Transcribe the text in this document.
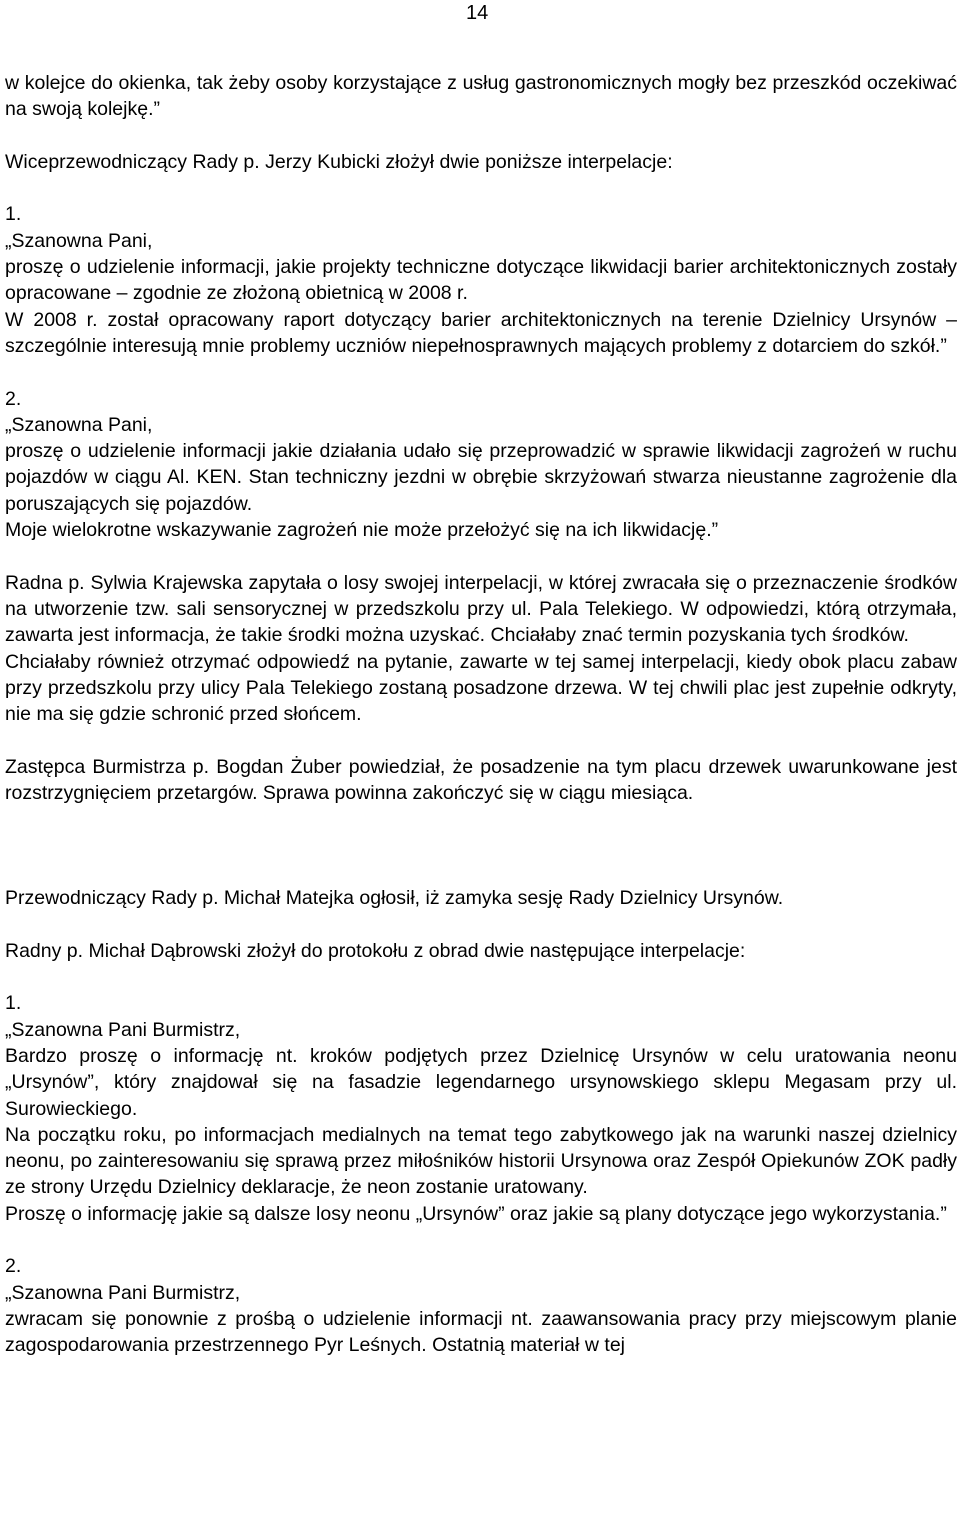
14

w kolejce do okienka, tak żeby osoby korzystające z usług gastronomicznych mogły bez przeszkód oczekiwać na swoją kolejkę.”

Wiceprzewodniczący Rady p. Jerzy Kubicki złożył dwie poniższe interpelacje:

1.

„Szanowna Pani,

proszę o udzielenie informacji, jakie projekty techniczne dotyczące likwidacji barier architektonicznych zostały opracowane – zgodnie ze złożoną obietnicą w 2008 r.

W 2008 r. został opracowany raport dotyczący barier architektonicznych na terenie Dzielnicy Ursynów – szczególnie interesują mnie problemy uczniów niepełnosprawnych mających problemy z dotarciem do szkół.”

2.

„Szanowna Pani,

proszę o udzielenie informacji jakie działania udało się przeprowadzić w sprawie likwidacji zagrożeń w ruchu pojazdów w ciągu Al. KEN. Stan techniczny jezdni w obrębie skrzyżowań stwarza nieustanne zagrożenie dla poruszających się pojazdów.

Moje wielokrotne wskazywanie zagrożeń nie może przełożyć się na ich likwidację.”

Radna p. Sylwia Krajewska zapytała o losy swojej interpelacji, w której zwracała się o przeznaczenie środków na utworzenie tzw. sali sensorycznej w przedszkolu przy ul. Pala Telekiego. W odpowiedzi, którą otrzymała, zawarta jest informacja, że takie środki można uzyskać. Chciałaby znać termin pozyskania tych środków.

Chciałaby również otrzymać odpowiedź na pytanie, zawarte w tej samej interpelacji, kiedy obok placu zabaw przy przedszkolu przy ulicy Pala Telekiego zostaną posadzone drzewa. W tej chwili plac jest zupełnie odkryty, nie ma się gdzie schronić przed słońcem.

Zastępca Burmistrza p. Bogdan Żuber powiedział, że posadzenie na tym placu drzewek uwarunkowane jest rozstrzygnięciem przetargów. Sprawa powinna zakończyć się w ciągu miesiąca.

Przewodniczący Rady p. Michał Matejka ogłosił, iż zamyka sesję Rady Dzielnicy Ursynów.

Radny p. Michał Dąbrowski złożył do protokołu z obrad dwie następujące interpelacje:

1.

„Szanowna Pani Burmistrz,

Bardzo proszę o informację nt. kroków podjętych przez Dzielnicę Ursynów w celu uratowania neonu „Ursynów”, który znajdował się na fasadzie legendarnego ursynowskiego sklepu Megasam przy ul. Surowieckiego.

Na początku roku, po informacjach medialnych na temat tego zabytkowego jak na warunki naszej dzielnicy neonu, po zainteresowaniu się sprawą przez miłośników historii Ursynowa oraz Zespół Opiekunów ZOK padły ze strony Urzędu Dzielnicy deklaracje, że neon zostanie uratowany.

Proszę o informację jakie są dalsze losy neonu „Ursynów” oraz jakie są plany dotyczące jego wykorzystania.”

2.

„Szanowna Pani Burmistrz,

zwracam się ponownie z prośbą o udzielenie informacji nt. zaawansowania pracy przy miejscowym planie zagospodarowania przestrzennego Pyr Leśnych. Ostatnią materiał w tej
